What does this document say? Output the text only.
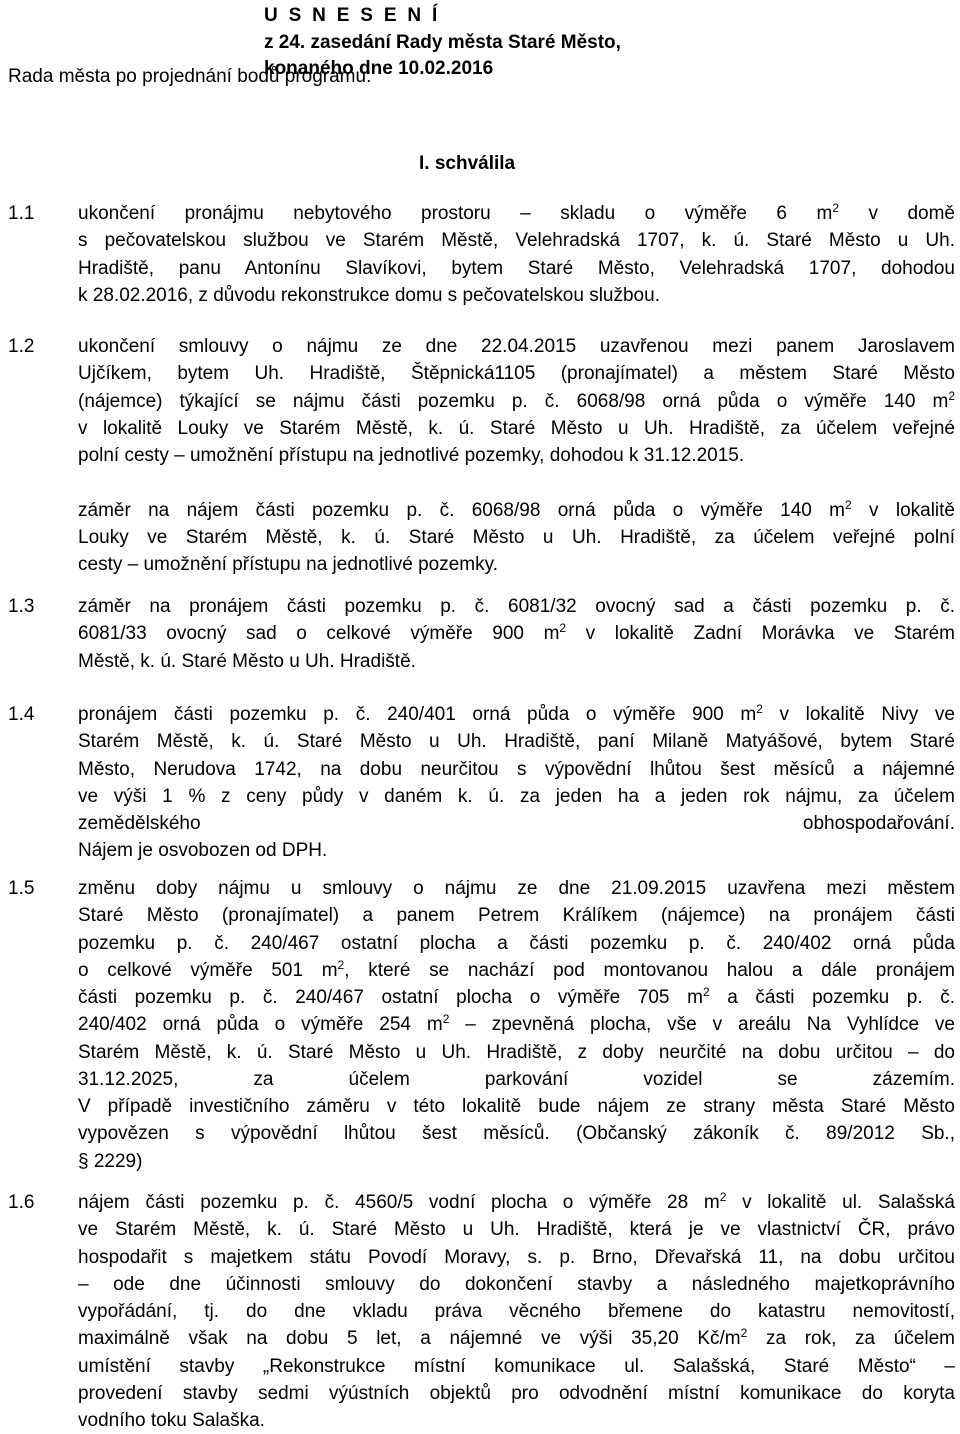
U S N E S E N Í
z 24. zasedání Rady města Staré Město,
konaného dne 10.02.2016
Rada města po projednání bodů programu:
I. schválila
1.1 ukončení pronájmu nebytového prostoru – skladu o výměře 6 $m^2$ v domě
s pečovatelskou službou ve Starém Městě, Velehradská 1707, k. ú. Staré Město u Uh.
Hradiště, panu Antonínu Slavíkovi, bytem Staré Město, Velehradská 1707, dohodou
k 28.02.2016, z důvodu rekonstrukce domu s pečovatelskou službou.
1.2 ukončení smlouvy o nájmu ze dne 22.04.2015 uzavřenou mezi panem Jaroslavem
Ujčíkem, bytem Uh. Hradiště, Štěpnická1105 (pronajímatel) a městem Staré Město
(nájemce) týkající se nájmu části pozemku p. č. 6068/98 orná půda o výměře 140 $m^2$
v lokalitě Louky ve Starém Městě, k. ú. Staré Město u Uh. Hradiště, za účelem veřejné
polní cesty – umožnění přístupu na jednotlivé pozemky, dohodou k 31.12.2015.
záměr na nájem části pozemku p. č. 6068/98 orná půda o výměře 140 $m^2$ v lokalitě
Louky ve Starém Městě, k. ú. Staré Město u Uh. Hradiště, za účelem veřejné polní
cesty – umožnění přístupu na jednotlivé pozemky.
1.3 záměr na pronájem části pozemku p. č. 6081/32 ovocný sad a části pozemku p. č.
6081/33 ovocný sad o celkové výměře 900 $m^2$ v lokalitě Zadní Morávka ve Starém
Městě, k. ú. Staré Město u Uh. Hradiště.
1.4 pronájem části pozemku p. č. 240/401 orná půda o výměře 900 $m^2$ v lokalitě Nivy ve
Starém Městě, k. ú. Staré Město u Uh. Hradiště, paní Milaně Matyášové, bytem Staré
Město, Nerudova 1742, na dobu neurčitou s výpovědní lhůtou šest měsíců a nájemné
ve výši 1 % z ceny půdy v daném k. ú. za jeden ha a jeden rok nájmu, za účelem
zemědělského obhospodařování.
Nájem je osvobozen od DPH.
1.5 změnu doby nájmu u smlouvy o nájmu ze dne 21.09.2015 uzavřena mezi městem
Staré Město (pronajímatel) a panem Petrem Králíkem (nájemce) na pronájem části
pozemku p. č. 240/467 ostatní plocha a části pozemku p. č. 240/402 orná půda
o celkové výměře 501 $m^2$, které se nachází pod montovanou halou a dále pronájem
části pozemku p. č. 240/467 ostatní plocha o výměře 705 $m^2$ a části pozemku p. č.
240/402 orná půda o výměře 254 $m^2$ – zpevněná plocha, vše v areálu Na Vyhlídce ve
Starém Městě, k. ú. Staré Město u Uh. Hradiště, z doby neurčité na dobu určitou – do
31.12.2025, za účelem parkování vozidel se zázemím.
V případě investičního záměru v této lokalitě bude nájem ze strany města Staré Město
vypovězen s výpovědní lhůtou šest měsíců. (Občanský zákoník č. 89/2012 Sb.,
§ 2229)
1.6 nájem části pozemku p. č. 4560/5 vodní plocha o výměře 28 $m^2$ v lokalitě ul. Salašská
ve Starém Městě, k. ú. Staré Město u Uh. Hradiště, která je ve vlastnictví ČR, právo
hospodařit s majetkem státu Povodí Moravy, s. p. Brno, Dřevařská 11, na dobu určitou
– ode dne účinnosti smlouvy do dokončení stavby a následného majetkoprávního
vypořádání, tj. do dne vkladu práva věcného břemene do katastru nemovitostí,
maximálně však na dobu 5 let, a nájemné ve výši 35,20 $Kč/m^2$ za rok, za účelem
umístění stavby „Rekonstrukce místní komunikace ul. Salašská, Staré Město“ –
provedení stavby sedmi výústních objektů pro odvodnění místní komunikace do koryta
vodního toku Salaška.
